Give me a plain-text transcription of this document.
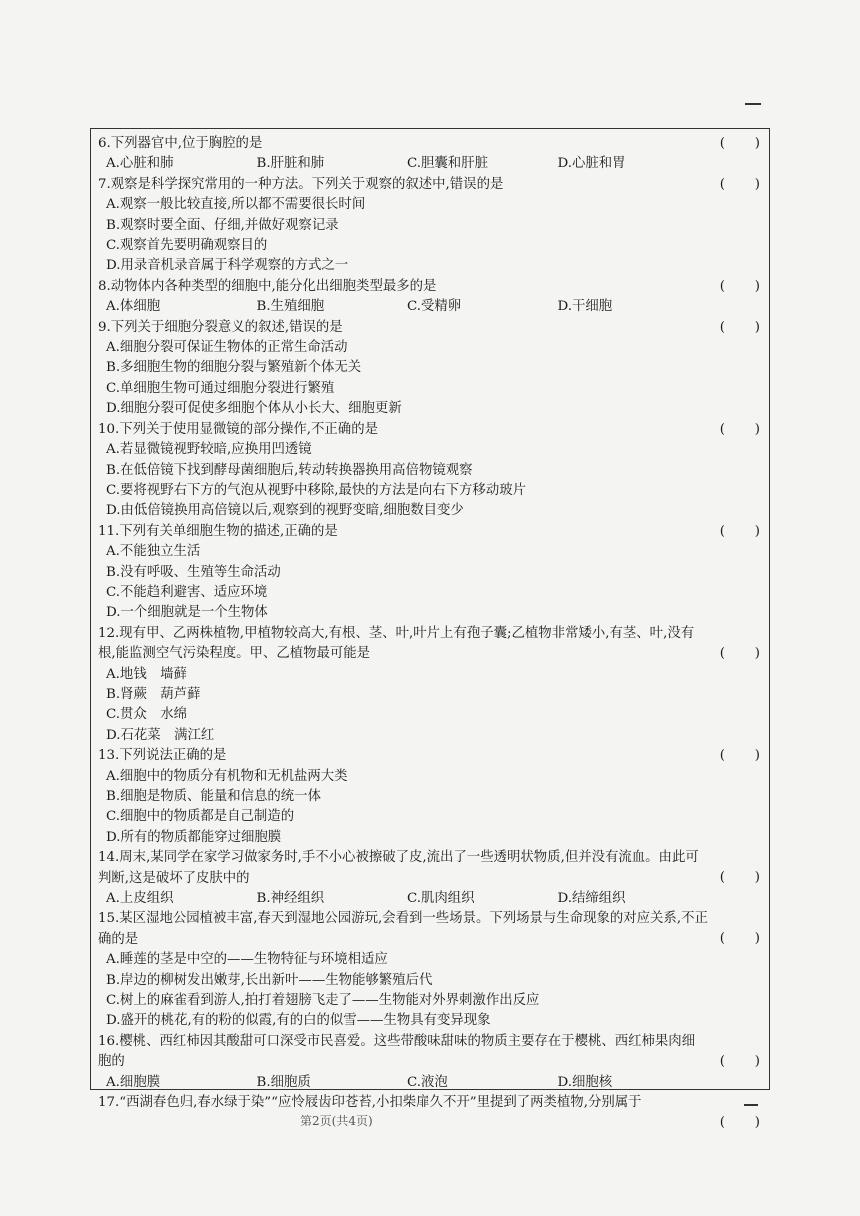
6.下列器官中,位于胸腔的是	(       )
A.心脏和肺	B.肝脏和肺	C.胆囊和肝脏	D.心脏和胃
7.观察是科学探究常用的一种方法。下列关于观察的叙述中,错误的是	(       )
A.观察一般比较直接,所以都不需要很长时间
B.观察时要全面、仔细,并做好观察记录
C.观察首先要明确观察目的
D.用录音机录音属于科学观察的方式之一
8.动物体内各种类型的细胞中,能分化出细胞类型最多的是	(       )
A.体细胞	B.生殖细胞	C.受精卵	D.干细胞
9.下列关于细胞分裂意义的叙述,错误的是	(       )
A.细胞分裂可保证生物体的正常生命活动
B.多细胞生物的细胞分裂与繁殖新个体无关
C.单细胞生物可通过细胞分裂进行繁殖
D.细胞分裂可促使多细胞个体从小长大、细胞更新
10.下列关于使用显微镜的部分操作,不正确的是	(       )
A.若显微镜视野较暗,应换用凹透镜
B.在低倍镜下找到酵母菌细胞后,转动转换器换用高倍物镜观察
C.要将视野右下方的气泡从视野中移除,最快的方法是向右下方移动玻片
D.由低倍镜换用高倍镜以后,观察到的视野变暗,细胞数目变少
11.下列有关单细胞生物的描述,正确的是	(       )
A.不能独立生活
B.没有呼吸、生殖等生命活动
C.不能趋利避害、适应环境
D.一个细胞就是一个生物体
12.现有甲、乙两株植物,甲植物较高大,有根、茎、叶,叶片上有孢子囊;乙植物非常矮小,有茎、叶,没有根,能监测空气污染程度。甲、乙植物最可能是	(       )
A.地钱　墙藓
B.肾蕨　葫芦藓
C.贯众　水绵
D.石花菜　满江红
13.下列说法正确的是	(       )
A.细胞中的物质分有机物和无机盐两大类
B.细胞是物质、能量和信息的统一体
C.细胞中的物质都是自己制造的
D.所有的物质都能穿过细胞膜
14.周末,某同学在家学习做家务时,手不小心被擦破了皮,流出了一些透明状物质,但并没有流血。由此可判断,这是破坏了皮肤中的	(       )
A.上皮组织	B.神经组织	C.肌肉组织	D.结缔组织
15.某区湿地公园植被丰富,春天到湿地公园游玩,会看到一些场景。下列场景与生命现象的对应关系,不正确的是	(       )
A.睡莲的茎是中空的——生物特征与环境相适应
B.岸边的柳树发出嫩芽,长出新叶——生物能够繁殖后代
C.树上的麻雀看到游人,拍打着翅膀飞走了——生物能对外界刺激作出反应
D.盛开的桃花,有的粉的似霞,有的白的似雪——生物具有变异现象
16.樱桃、西红柿因其酸甜可口深受市民喜爱。这些带酸味甜味的物质主要存在于樱桃、西红柿果肉细胞的	(       )
A.细胞膜	B.细胞质	C.液泡	D.细胞核
17.“西湖春色归,春水绿于染”“应怜屐齿印苍苔,小扣柴扉久不开”里提到了两类植物,分别属于
(       )
第2页(共4页)
